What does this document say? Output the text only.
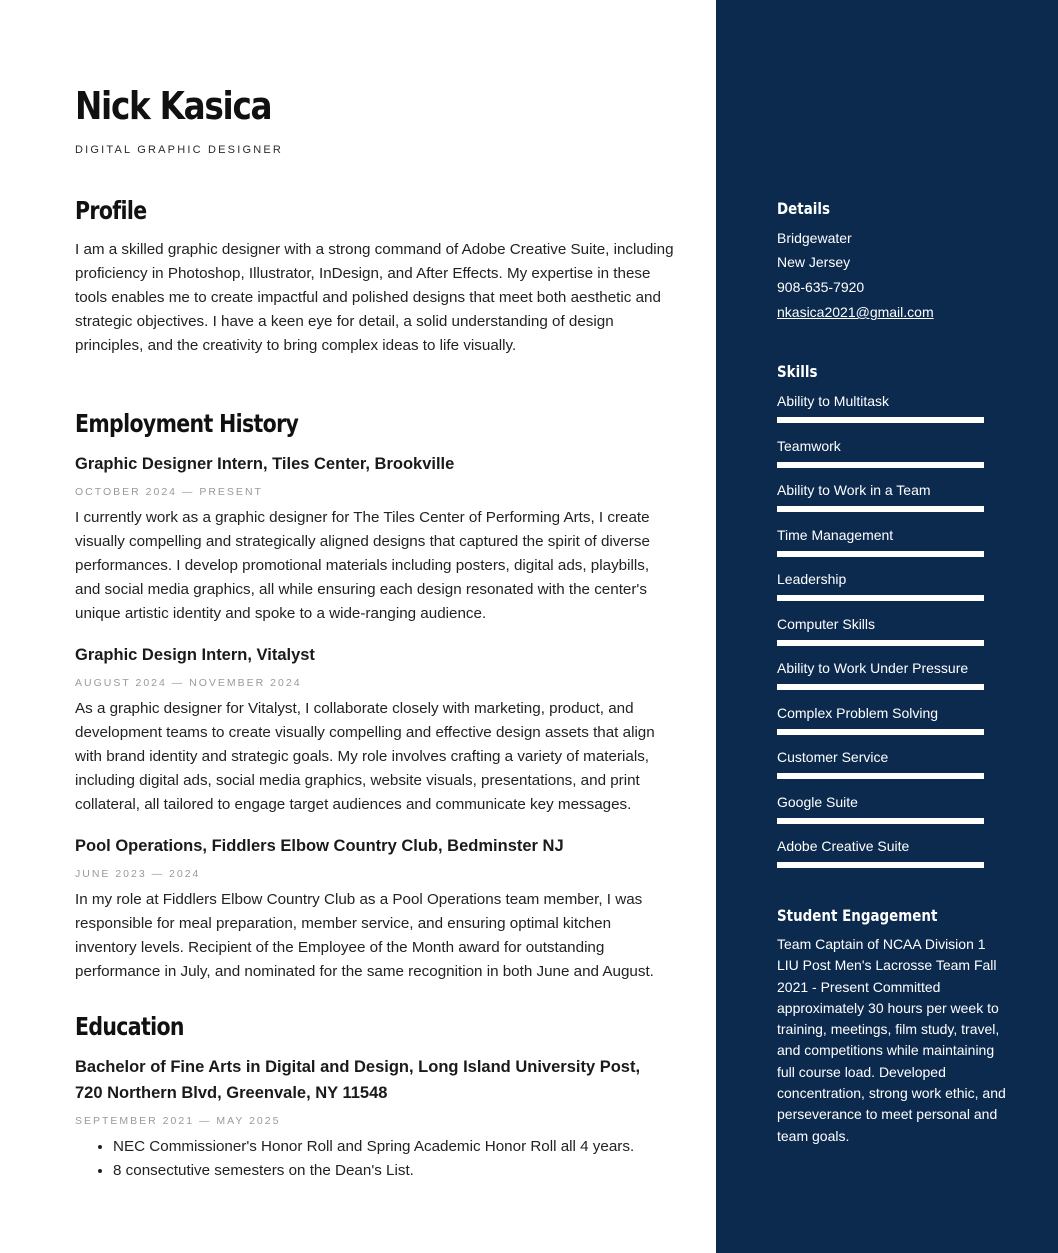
Nick Kasica
DIGITAL GRAPHIC DESIGNER
Profile

I am a skilled graphic designer with a strong command of Adobe Creative Suite, including proficiency in Photoshop, Illustrator, InDesign, and After Effects. My expertise in these tools enables me to create impactful and polished designs that meet both aesthetic and strategic objectives. I have a keen eye for detail, a solid understanding of design principles, and the creativity to bring complex ideas to life visually.

Employment History
Graphic Designer Intern, Tiles Center, Brookville
OCTOBER 2024 — PRESENT

I currently work as a graphic designer for The Tiles Center of Performing Arts, I create visually compelling and strategically aligned designs that captured the spirit of diverse performances. I develop promotional materials including posters, digital ads, playbills, and social media graphics, all while ensuring each design resonated with the center's unique artistic identity and spoke to a wide-ranging audience.

Graphic Design Intern, Vitalyst
AUGUST 2024 — NOVEMBER 2024

As a graphic designer for Vitalyst, I collaborate closely with marketing, product, and development teams to create visually compelling and effective design assets that align with brand identity and strategic goals. My role involves crafting a variety of materials, including digital ads, social media graphics, website visuals, presentations, and print collateral, all tailored to engage target audiences and communicate key messages.

Pool Operations, Fiddlers Elbow Country Club, Bedminster NJ
JUNE 2023 — 2024

In my role at Fiddlers Elbow Country Club as a Pool Operations team member, I was responsible for meal preparation, member service, and ensuring optimal kitchen inventory levels. Recipient of the Employee of the Month award for outstanding performance in July, and nominated for the same recognition in both June and August.

Education
Bachelor of Fine Arts in Digital and Design, Long Island University Post, 720 Northern Blvd, Greenvale, NY 11548
SEPTEMBER 2021 — MAY 2025
• NEC Commissioner's Honor Roll and Spring Academic Honor Roll all 4 years.
• 8 consectutive semesters on the Dean's List.
Details
Bridgewater
New Jersey
908-635-7920
nkasica2021@gmail.com
Skills
Ability to Multitask
Teamwork
Ability to Work in a Team
Time Management
Leadership
Computer Skills
Ability to Work Under Pressure
Complex Problem Solving
Customer Service
Google Suite
Adobe Creative Suite
Student Engagement

Team Captain of NCAA Division 1 LIU Post Men's Lacrosse Team Fall 2021 - Present Committed approximately 30 hours per week to training, meetings, film study, travel, and competitions while maintaining full course load. Developed concentration, strong work ethic, and perseverance to meet personal and team goals.
